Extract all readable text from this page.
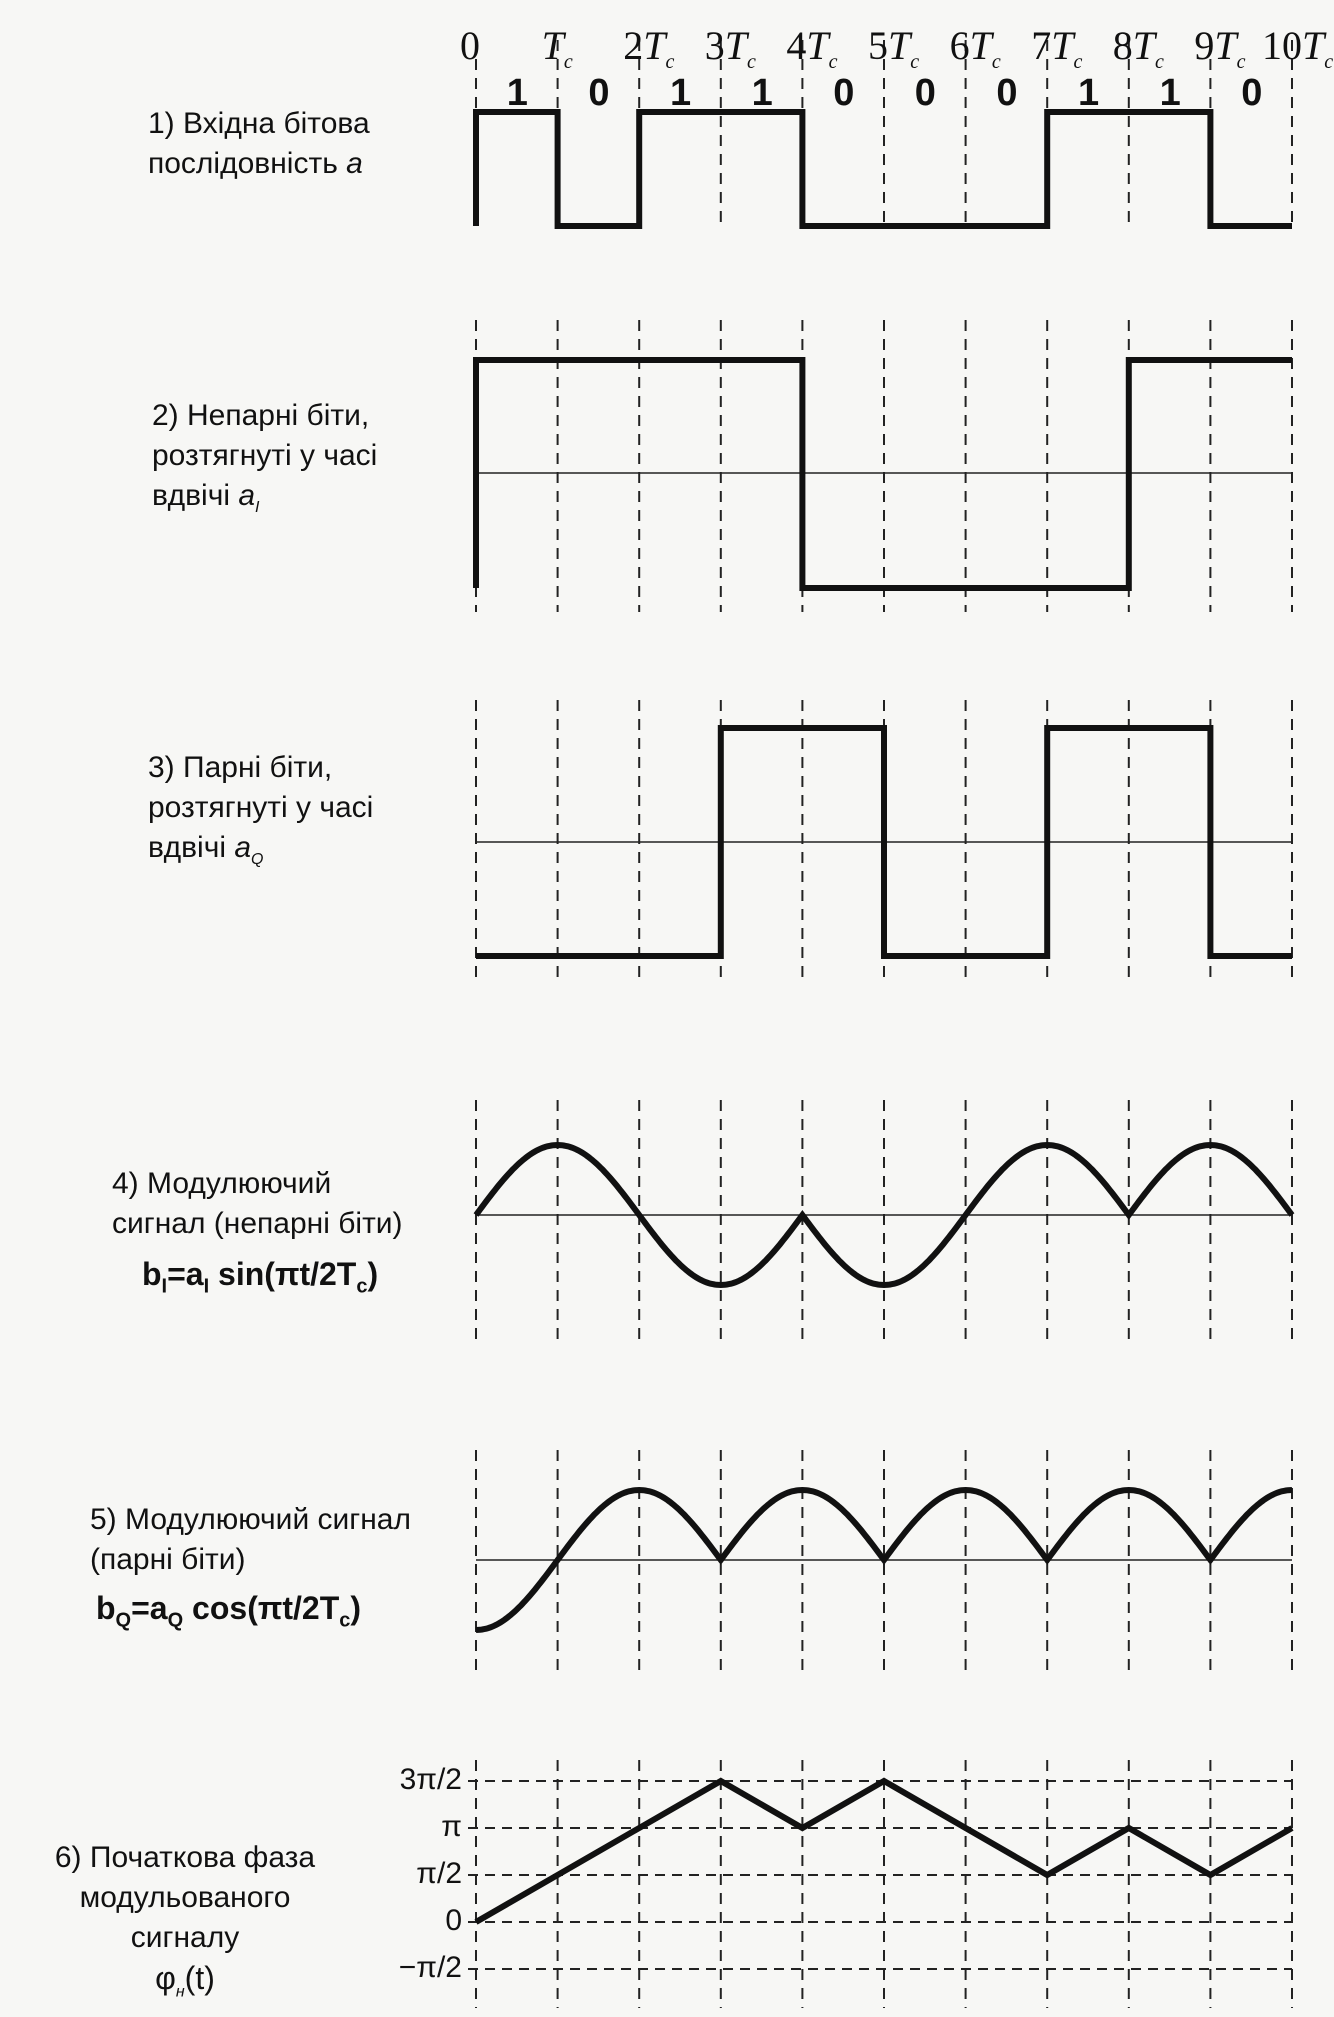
0 $T_c$ $2T_c$ $3T_c$ $4T_c$ $5T_c$ $6T_c$ $7T_c$ $8T_c$ $9T_c$ $10T_c$
1 0 1 1 0 0 0 1 1 0
1) Вхідна бітова
послідовність a
2) Непарні біти,
розтягнуті у часі
вдвічі $a_I$
3) Парні біти,
розтягнуті у часі
вдвічі $a_Q$
4) Модулюючий
сигнал (непарні біти)
$b_I=a_I$ $\sin(\pi t/2T_c)$
5) Модулюючий сигнал
(парні біти)
$b_Q=a_Q$ $\cos(\pi t/2T_c)$
6) Початкова фаза
модульованого
сигналу
$\varphi_н(t)$
3π/2
π
π/2
0
−π/2
